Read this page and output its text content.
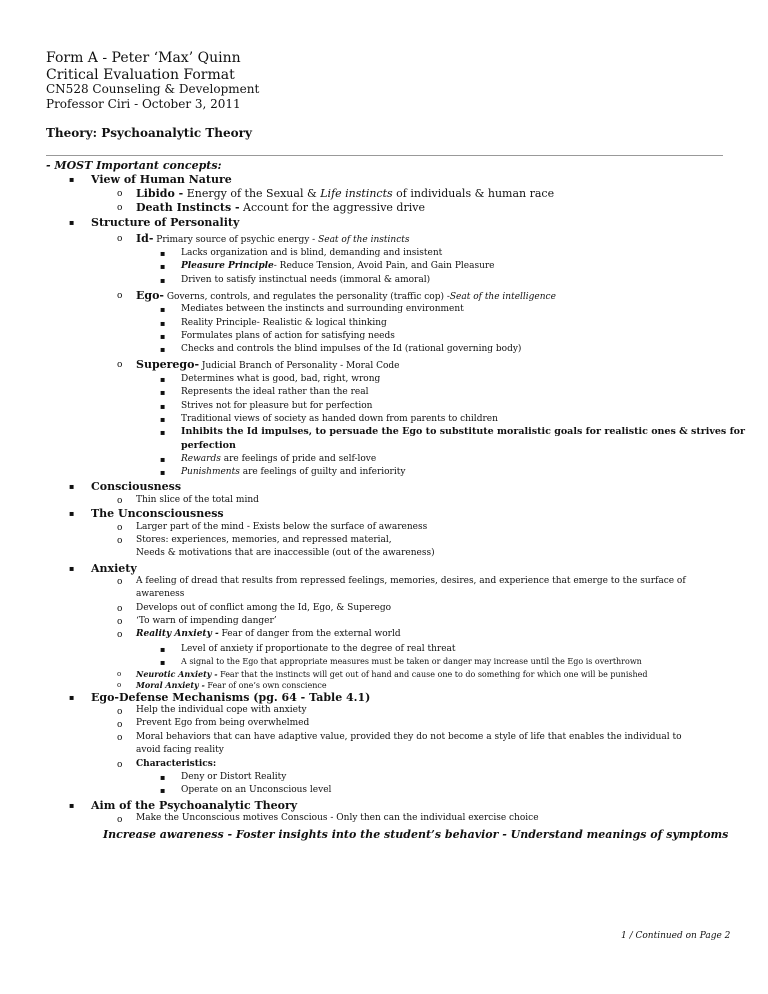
Form A - Peter ‘Max’ Quinn
Critical Evaluation Format
CN528 Counseling & Development
Professor Ciri - October 3, 2011
Theory: Psychoanalytic Theory
- MOST Important concepts:
▪ View of Human Nature
o Libido - Energy of the Sexual & Life instincts of individuals & human race
o Death Instincts - Account for the aggressive drive
▪ Structure of Personality
o Id- Primary source of psychic energy - Seat of the instincts
▪ Lacks organization and is blind, demanding and insistent
▪ Pleasure Principle- Reduce Tension, Avoid Pain, and Gain Pleasure
▪ Driven to satisfy instinctual needs (immoral & amoral)
o Ego- Governs, controls, and regulates the personality (traffic cop) -Seat of the intelligence
▪ Mediates between the instincts and surrounding environment
▪ Reality Principle- Realistic & logical thinking
▪ Formulates plans of action for satisfying needs
▪ Checks and controls the blind impulses of the Id (rational governing body)
o Superego- Judicial Branch of Personality - Moral Code
▪ Determines what is good, bad, right, wrong
▪ Represents the ideal rather than the real
▪ Strives not for pleasure but for perfection
▪ Traditional views of society as handed down from parents to children
▪ Inhibits the Id impulses, to persuade the Ego to substitute moralistic goals for realistic ones & strives for
perfection
▪ Rewards are feelings of pride and self-love
▪ Punishments are feelings of guilty and inferiority
▪ Consciousness
o Thin slice of the total mind
▪ The Unconsciousness
o Larger part of the mind - Exists below the surface of awareness
o Stores: experiences, memories, and repressed material,
Needs & motivations that are inaccessible (out of the awareness)
▪ Anxiety
o A feeling of dread that results from repressed feelings, memories, desires, and experience that emerge to the surface of
awareness
o Develops out of conflict among the Id, Ego, & Superego
o ‘To warn of impending danger’
o Reality Anxiety - Fear of danger from the external world
▪ Level of anxiety if proportionate to the degree of real threat
▪ A signal to the Ego that appropriate measures must be taken or danger may increase until the Ego is overthrown
o Neurotic Anxiety - Fear that the instincts will get out of hand and cause one to do something for which one will be punished
o Moral Anxiety - Fear of one’s own conscience
▪ Ego-Defense Mechanisms (pg. 64 - Table 4.1)
o Help the individual cope with anxiety
o Prevent Ego from being overwhelmed
o Moral behaviors that can have adaptive value, provided they do not become a style of life that enables the individual to
avoid facing reality
o Characteristics:
▪ Deny or Distort Reality
▪ Operate on an Unconscious level
▪ Aim of the Psychoanalytic Theory
o Make the Unconscious motives Conscious - Only then can the individual exercise choice
Increase awareness - Foster insights into the student’s behavior - Understand meanings of symptoms
1 / Continued on Page 2
